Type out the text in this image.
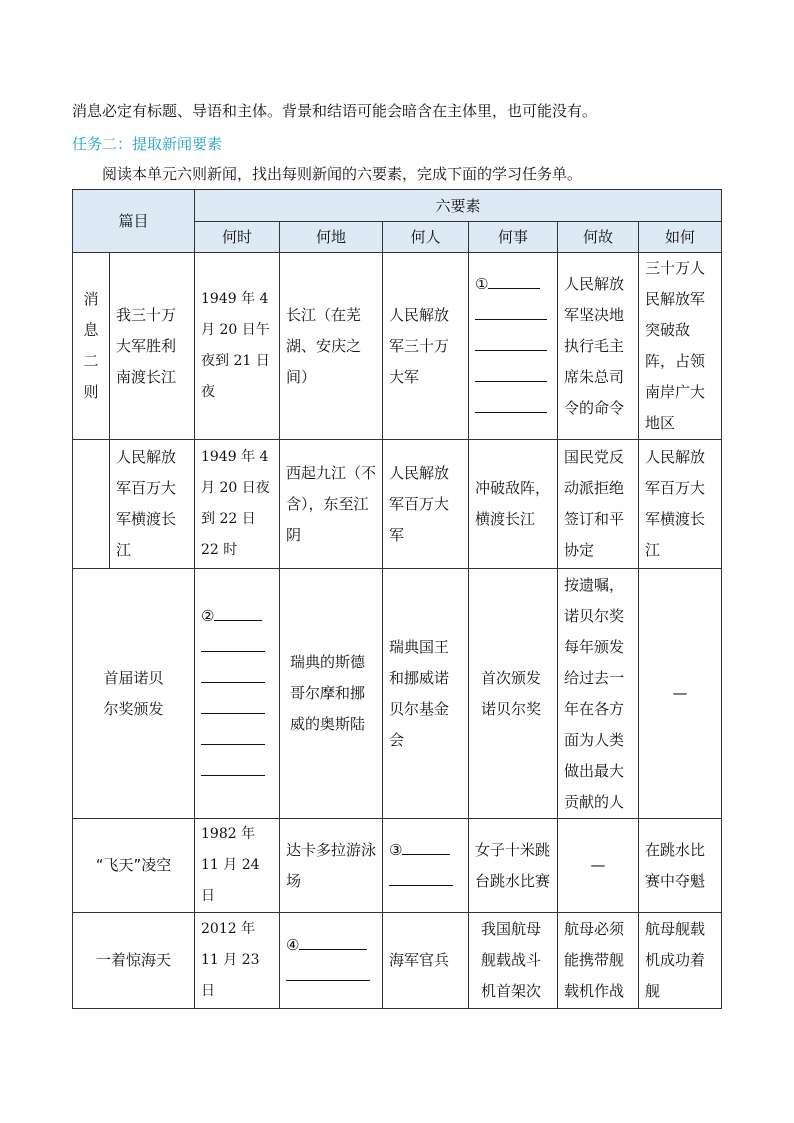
消息必定有标题、导语和主体。背景和结语可能会暗含在主体里，也可能没有。
任务二：提取新闻要素
阅读本单元六则新闻，找出每则新闻的六要素，完成下面的学习任务单。
篇目		六要素					
		何时	何地	何人	何事	何故	如何

消
息
二
则	我三十万大军胜利南渡长江	1949 年 4 月 20 日午夜到 21 日夜	长江（在芜湖、安庆之间）	人民解放军三十万大军	①	人民解放军坚决地执行毛主席朱总司令的命令	三十万人民解放军突破敌阵，占领南岸广大地区
	人民解放军百万大军横渡长江	1949 年 4 月 20 日夜到 22 日 22 时	西起九江（不含），东至江阴	人民解放军百万大军	冲破敌阵，横渡长江	国民党反动派拒绝签订和平协定	人民解放军百万大军横渡长江
首届诺贝尔奖颁发		②	瑞典的斯德哥尔摩和挪威的奥斯陆	瑞典国王和挪威诺贝尔基金会	首次颁发诺贝尔奖	按遗嘱，诺贝尔奖每年颁发给过去一年在各方面为人类做出最大贡献的人	—
“飞天”凌空		1982 年 11 月 24 日	达卡多拉游泳场	③	女子十米跳台跳水比赛	—	在跳水比赛中夺魁
一着惊海天		2012 年 11 月 23 日	④	海军官兵	我国航母舰载战斗机首架次	航母必须能携带舰载机作战	航母舰载机成功着舰
